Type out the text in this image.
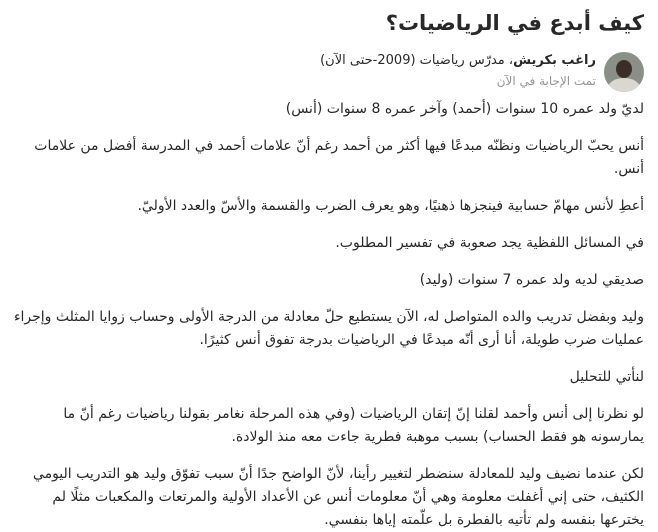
كيف أبدع في الرياضيات؟
راغب بكريش، مدرّس رياضيات (2009-حتى الآن)
تمت الإجابة في الآن

لديّ ولد عمره 10 سنوات (أحمد) وآخر عمره 8 سنوات (أنس)

أنس يحبّ الرياضيات ونظنّه مبدعًا فيها أكثر من أحمد رغم أنّ علامات أحمد في المدرسة أفضل من علامات أنس.

أعطِ لأنس مهامّ حسابية فينجزها ذهنيًا، وهو يعرف الضرب والقسمة والأسّ والعدد الأوليّ.

في المسائل اللفظية يجد صعوبة في تفسير المطلوب.

صديقي لديه ولد عمره 7 سنوات (وليد)

وليد وبفضل تدريب والده المتواصل له، الآن يستطيع حلّ معادلة من الدرجة الأولى وحساب زوايا المثلث وإجراء عمليات ضرب طويلة، أنا أرى أنّه مبدعًا في الرياضيات بدرجة تفوق أنس كثيرًا.

لنأتي للتحليل

لو نظرنا إلى أنس وأحمد لقلنا إنّ إتقان الرياضيات (وفي هذه المرحلة نغامر بقولنا رياضيات رغم أنّ ما يمارسونه هو فقط الحساب) بسبب موهبة فطرية جاءت معه منذ الولادة.

لكن عندما نضيف وليد للمعادلة سنضطر لتغيير رأينا، لأنّ الواضح جدًا أنّ سبب تفوّق وليد هو التدريب اليومي الكثيف، حتى إني أغفلت معلومة وهي أنّ معلومات أنس عن الأعداد الأولية والمرتعات والمكعبات مثلًا لم يخترعها بنفسه ولم تأتيه بالفطرة بل علّمته إياها بنفسي.
